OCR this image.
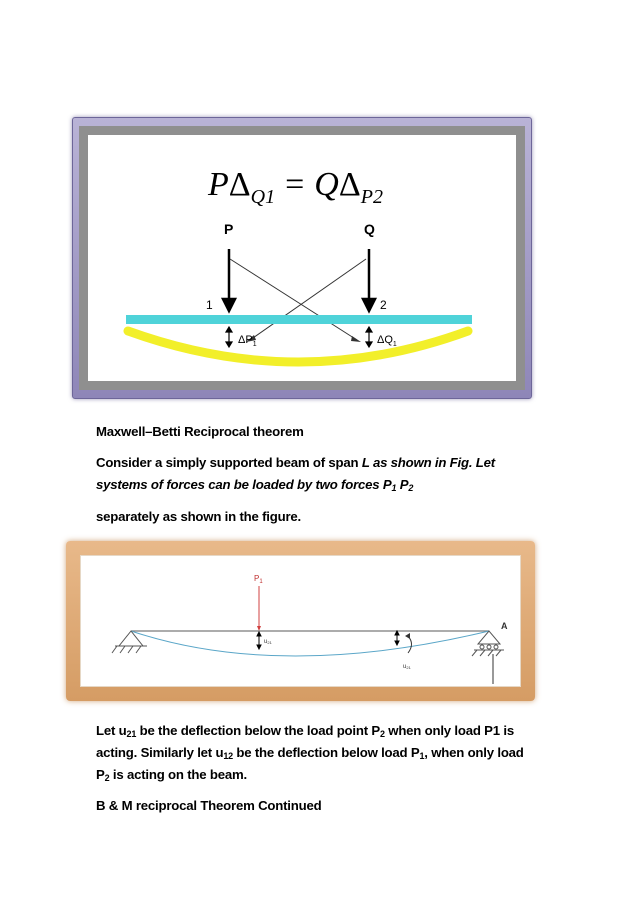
$P\Delta_{Q1} = Q\Delta_{P2}$
P	Q
1	2
$\Delta P_1$	$\Delta Q_1$
Maxwell–Betti Reciprocal theorem
Consider a simply supported beam of span L as shown in Fig. Let
systems of forces can be loaded by two forces $P_1$ $P_2$
separately as shown in the figure.
$P_1$
A
u21
u21
Let $u_{21}$ be the deflection below the load point $P_2$ when only load P1 is
acting. Similarly let $u_{12}$ be the deflection below load $P_1$, when only load
$P_2$ is acting on the beam.
B & M reciprocal Theorem Continued
